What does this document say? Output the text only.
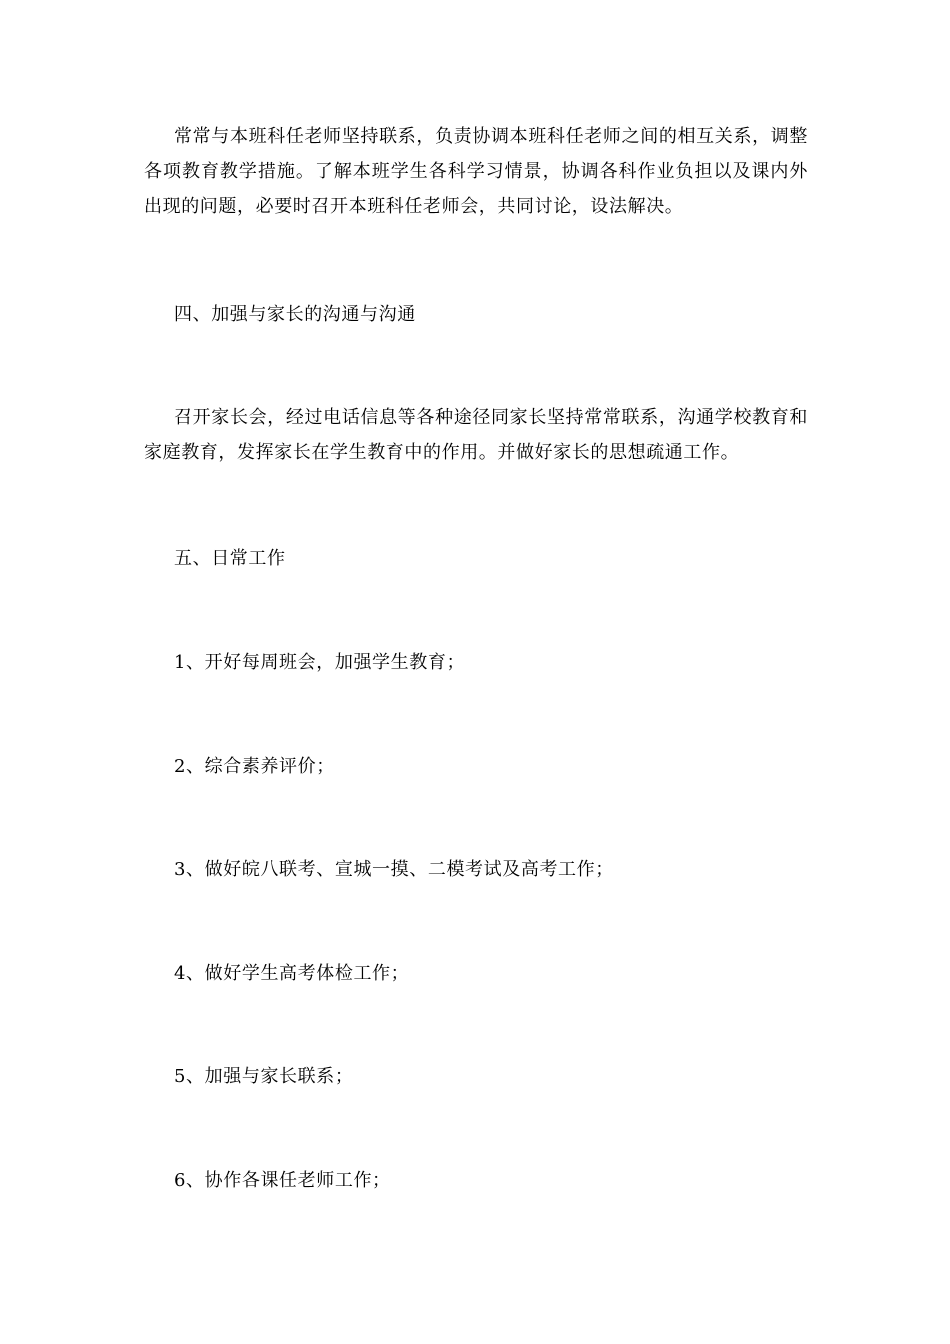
常常与本班科任老师坚持联系，负责协调本班科任老师之间的相互关系，调整各项教育教学措施。了解本班学生各科学习情景，协调各科作业负担以及课内外出现的问题，必要时召开本班科任老师会，共同讨论，设法解决。

四、加强与家长的沟通与沟通

召开家长会，经过电话信息等各种途径同家长坚持常常联系，沟通学校教育和家庭教育，发挥家长在学生教育中的作用。并做好家长的思想疏通工作。

五、日常工作

1、开好每周班会，加强学生教育；

2、综合素养评价；

3、做好皖八联考、宣城一摸、二模考试及高考工作；

4、做好学生高考体检工作；

5、加强与家长联系；

6、协作各课任老师工作；
